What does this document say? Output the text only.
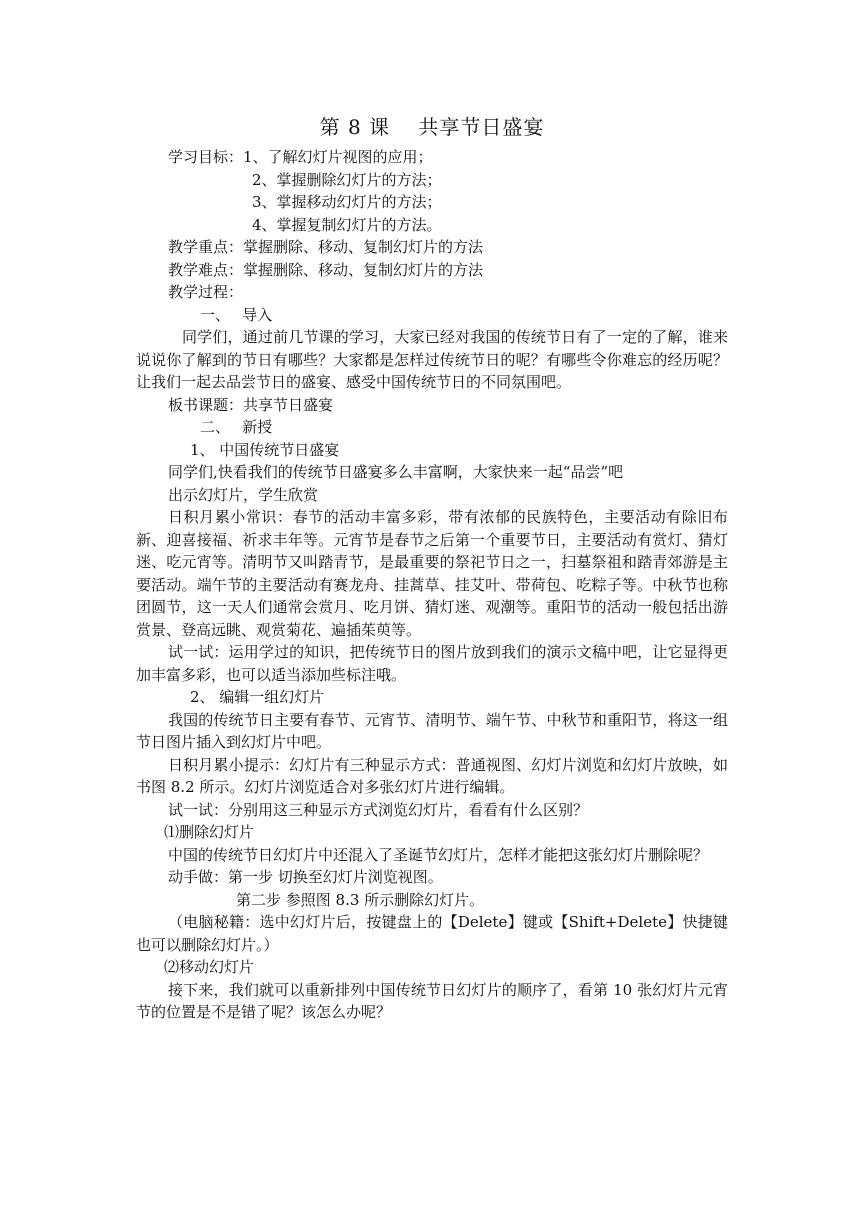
第 8 课　 共享节日盛宴
学习目标：1、了解幻灯片视图的应用；
2、掌握删除幻灯片的方法；
3、掌握移动幻灯片的方法；
4、掌握复制幻灯片的方法。
教学重点：掌握删除、移动、复制幻灯片的方法
教学难点：掌握删除、移动、复制幻灯片的方法
教学过程：
一、　 导入
同学们，通过前几节课的学习，大家已经对我国的传统节日有了一定的了解，谁来说说你了解到的节日有哪些？大家都是怎样过传统节日的呢？有哪些令你难忘的经历呢？让我们一起去品尝节日的盛宴、感受中国传统节日的不同氛围吧。
板书课题：共享节日盛宴
二、　 新授
1、 中国传统节日盛宴
同学们,快看我们的传统节日盛宴多么丰富啊，大家快来一起“品尝”吧
出示幻灯片，学生欣赏
日积月累小常识：春节的活动丰富多彩，带有浓郁的民族特色，主要活动有除旧布新、迎喜接福、祈求丰年等。元宵节是春节之后第一个重要节日，主要活动有赏灯、猜灯迷、吃元宵等。清明节又叫踏青节，是最重要的祭祀节日之一，扫墓祭祖和踏青郊游是主要活动。端午节的主要活动有赛龙舟、挂蒿草、挂艾叶、带荷包、吃粽子等。中秋节也称团圆节，这一天人们通常会赏月、吃月饼、猜灯迷、观潮等。重阳节的活动一般包括出游赏景、登高远眺、观赏菊花、遍插茱萸等。
试一试：运用学过的知识，把传统节日的图片放到我们的演示文稿中吧，让它显得更加丰富多彩，也可以适当添加些标注哦。
2、 编辑一组幻灯片
我国的传统节日主要有春节、元宵节、清明节、端午节、中秋节和重阳节，将这一组节日图片插入到幻灯片中吧。
日积月累小提示：幻灯片有三种显示方式：普通视图、幻灯片浏览和幻灯片放映，如书图 8.2 所示。幻灯片浏览适合对多张幻灯片进行编辑。
试一试：分别用这三种显示方式浏览幻灯片，看看有什么区别？
⑴删除幻灯片
中国的传统节日幻灯片中还混入了圣诞节幻灯片，怎样才能把这张幻灯片删除呢？
动手做：第一步 切换至幻灯片浏览视图。
第二步 参照图 8.3 所示删除幻灯片。
（电脑秘籍：选中幻灯片后，按键盘上的【Delete】键或【Shift+Delete】快捷键也可以删除幻灯片。）
⑵移动幻灯片
接下来，我们就可以重新排列中国传统节日幻灯片的顺序了，看第 10 张幻灯片元宵节的位置是不是错了呢？该怎么办呢？
